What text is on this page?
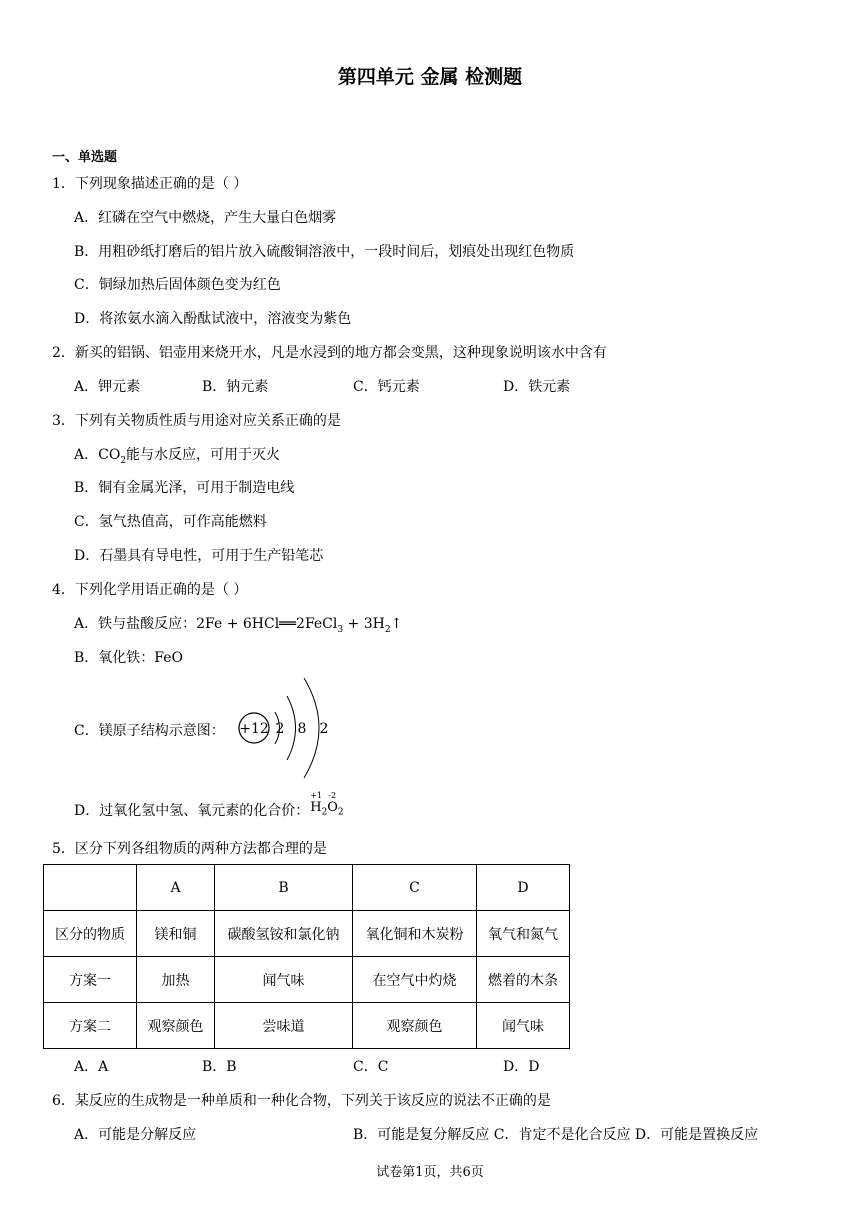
第四单元 金属 检测题
一、单选题
1．下列现象描述正确的是（ ）
A．红磷在空气中燃烧，产生大量白色烟雾
B．用粗砂纸打磨后的铝片放入硫酸铜溶液中，一段时间后，划痕处出现红色物质
C．铜绿加热后固体颜色变为红色
D．将浓氨水滴入酚酞试液中，溶液变为紫色
2．新买的铝锅、铝壶用来烧开水，凡是水浸到的地方都会变黑，这种现象说明该水中含有
A．钾元素	B．钠元素	C．钙元素	D．铁元素
3．下列有关物质性质与用途对应关系正确的是
A．$CO_2$能与水反应，可用于灭火
B．铜有金属光泽，可用于制造电线
C．氢气热值高，可作高能燃料
D．石墨具有导电性，可用于生产铅笔芯
4．下列化学用语正确的是（ ）
A．铁与盐酸反应：2Fe + 6HCl══2FeCl$_3$ + $3H_2↑$
B．氧化铁：FeO
C．镁原子结构示意图： +12 2 8 2
D．过氧化氢中氢、氧元素的化合价：
+1
$H_2$
-2
$O_2$
5．区分下列各组物质的两种方法都合理的是
	A	B	C	D
区分的物质	镁和铜	碳酸氢铵和氯化钠	氧化铜和木炭粉	氧气和氮气
方案一	加热	闻气味	在空气中灼烧	燃着的木条
方案二	观察颜色	尝味道	观察颜色	闻气味
A．A	B．B	C．C	D．D
6．某反应的生成物是一种单质和一种化合物，下列关于该反应的说法不正确的是
A．可能是分解反应	B．可能是复分解反应 C．肯定不是化合反应 D．可能是置换反应
试卷第1页，共6页
